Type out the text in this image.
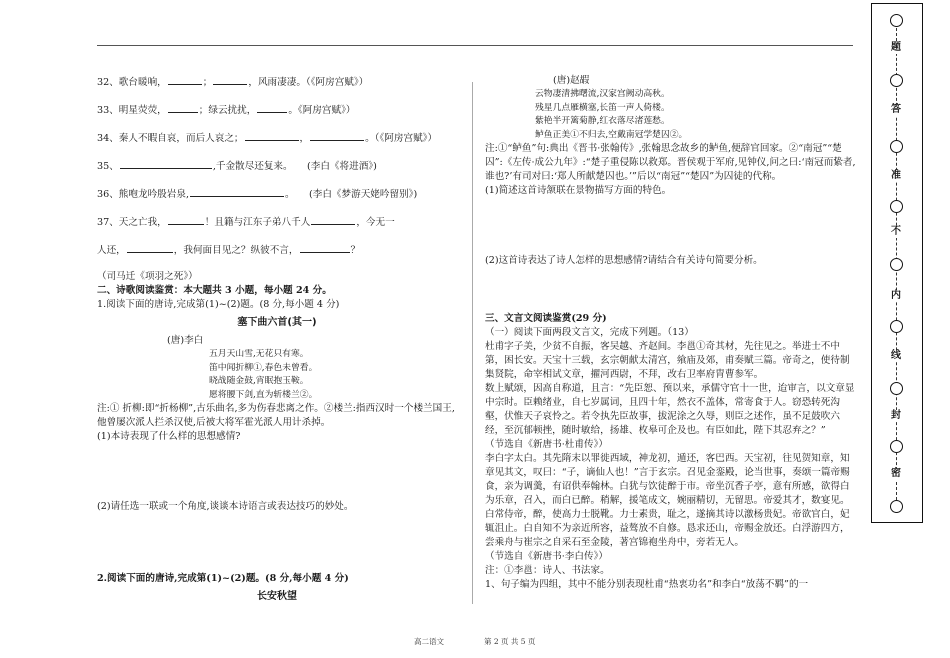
32、歌台暖响，	；	，风雨凄凄。（《阿房宫赋》）
33、明星荧荧，	；绿云扰扰，	。《阿房宫赋》）
34、秦人不暇自哀，而后人哀之；	，	。（《阿房宫赋》）
35、	,千金散尽还复来。　　(李白《将进酒》)
36、熊咆龙吟殷岩泉,	。　　(李白《梦游天姥吟留别》)
37、天之亡我，	！且籍与江东子弟八千人	，今无一
人还，	，我何面目见之？纵彼不言，	？
（司马迁《项羽之死》）
二、诗歌阅读鉴赏：本大题共 3 小题，每小题 24 分。
1.阅读下面的唐诗,完成第(1)~(2)题。(8 分,每小题 4 分)
塞下曲六首(其一)
(唐)李白
五月天山雪,无花只有寒。
笛中闻折柳①,春色未曾看。
晓战随金鼓,宵眠抱玉鞍。
愿将腰下剑,直为斩楼兰②。
注:① 折柳:即“折杨柳”,古乐曲名,多为伤春悲离之作。②楼兰:指西汉时一个楼兰国王,他曾屡次派人拦杀汉使,后被大将军霍光派人用计杀掉。
(1)本诗表现了什么样的思想感情?
(2)请任选一联或一个角度,谈谈本诗语言或表达技巧的妙处。
2.阅读下面的唐诗,完成第(1)~(2)题。(8 分,每小题 4 分)
长安秋望
(唐)赵嘏
云物凄清拂曙流,汉家宫阙动高秋。
残星几点雁横塞,长笛一声人倚楼。
紫艳半开篱菊静,红衣落尽渚莲愁。
鲈鱼正美①不归去,空戴南冠学楚囚②。
注:①“鲈鱼”句:典出《晋书·张翰传》,张翰思念故乡的鲈鱼,便辞官回家。②“南冠”“楚囚”:《左传·成公九年》:“楚子重侵陈以救郑。晋侯观于军府,见钟仪,问之曰:‘南冠而絷者,谁也?’有司对曰:‘郑人所献楚囚也。’”后以“南冠”“楚囚”为囚徒的代称。
(1)简述这首诗颔联在景物描写方面的特色。
(2)这首诗表达了诗人怎样的思想感情?请结合有关诗句简要分析。
三、文言文阅读鉴赏(29 分)
（一）阅读下面两段文言文，完成下列题。（13）
杜甫字子美，少贫不自振，客吴越、齐赵间。李邕①奇其材，先往见之。举进士不中第，困长安。天宝十三载，玄宗朝献太清宫，飨庙及郊，甫奏赋三篇。帝奇之，使待制集贤院，命宰相试文章，擢河西尉，不拜，改右卫率府胄曹参军。
数上赋颂，因高自称道，且言：“先臣恕、预以来，承儒守官十一世，迨审言，以文章显中宗时。臣赖绪业，自七岁属词，且四十年，然衣不盖体，常寄食于人。窃恐转死沟壑，伏惟天子哀怜之。若令执先臣故事，拔泥涂之久辱，则臣之述作，虽不足鼓吹六经，至沉郁顿挫，随时敏给，扬雄、枚皋可企及也。有臣如此，陛下其忍弃之？”
（节选自《新唐书·杜甫传》）
李白字太白。其先隋末以罪徙西域，神龙初，遁还，客巴西。天宝初，往见贺知章，知章见其文，叹曰：“子，谪仙人也！”言于玄宗。召见金銮殿，论当世事，奏颂一篇帝赐食，亲为调羹，有诏供奉翰林。白犹与饮徒醉于市。帝坐沉香子亭，意有所感，欲得白为乐章，召入，而白已醉。稍解，援笔成文，婉丽精切，无留思。帝爱其才，数宴见。白常侍帝，醉，使高力士脱靴。力士素贵，耻之，遂摘其诗以激杨贵妃。帝欲官白，妃辄沮止。白自知不为亲近所容，益骜放不自修。恳求还山，帝赐金放还。白浮游四方，尝乘舟与崔宗之自采石至金陵，著宫锦袍坐舟中，旁若无人。
（节选自《新唐书·李白传》）
注：①李邕：诗人、书法家。
1、句子编为四组，其中不能分别表现杜甫“热衷功名”和李白“放荡不羁”的一
高二语文	第 2 页 共 5 页
题
答
准
不
内
线
封
密
